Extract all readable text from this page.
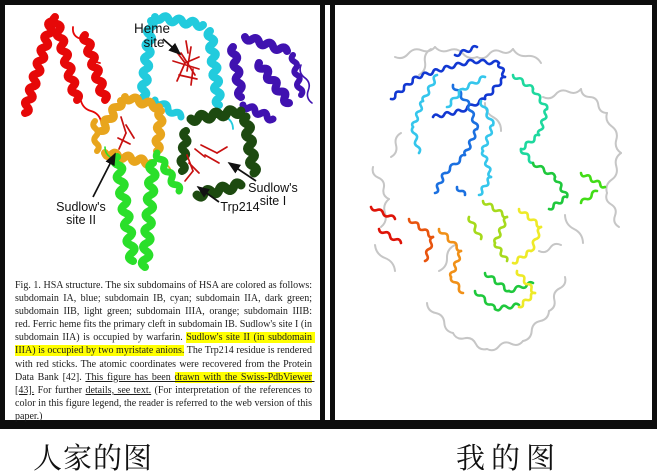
Heme
site
Sudlow's
site II
Sudlow's
site I
Trp214
Fig. 1. HSA structure. The six subdomains of HSA are colored as follows: subdomain IA, blue; subdomain IB, cyan; subdomain IIA, dark green; subdomain IIB, light green; subdomain IIIA, orange; subdomain IIIB: red. Ferric heme fits the primary cleft in subdomain IB. Sudlow's site I (in subdomain IIA) is occupied by warfarin. Sudlow's site II (in subdomain IIIA) is occupied by two myristate anions. The Trp214 residue is rendered with red sticks. The atomic coordinates were recovered from the Protein Data Bank [42]. This figure has been drawn with the Swiss-PdbViewer [43]. For further details, see text. (For interpretation of the references to color in this figure legend, the reader is referred to the web version of this paper.)
人家的图	我的图
